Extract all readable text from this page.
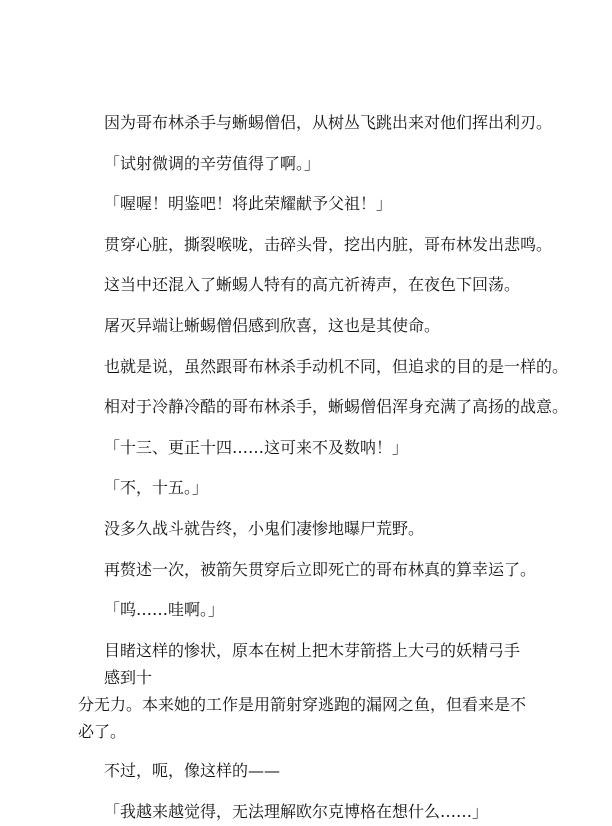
因为哥布林杀手与蜥蜴僧侣，从树丛飞跳出来对他们挥出利刃。

「试射微调的辛劳值得了啊。」

「喔喔！明鉴吧！将此荣耀献予父祖！」

贯穿心脏，撕裂喉咙，击碎头骨，挖出内脏，哥布林发出悲鸣。

这当中还混入了蜥蜴人特有的高亢祈祷声，在夜色下回荡。

屠灭异端让蜥蜴僧侣感到欣喜，这也是其使命。

也就是说，虽然跟哥布林杀手动机不同，但追求的目的是一样的。

相对于冷静冷酷的哥布林杀手，蜥蜴僧侣浑身充满了高扬的战意。

「十三、更正十四……这可来不及数呐！」

「不，十五。」

没多久战斗就告终，小鬼们凄惨地曝尸荒野。

再赘述一次，被箭矢贯穿后立即死亡的哥布林真的算幸运了。

「呜……哇啊。」

目睹这样的惨状，原本在树上把木芽箭搭上大弓的妖精弓手感到十
分无力。本来她的工作是用箭射穿逃跑的漏网之鱼，但看来是不必了。

不过，呃，像这样的——

「我越来越觉得，无法理解欧尔克博格在想什么……」
